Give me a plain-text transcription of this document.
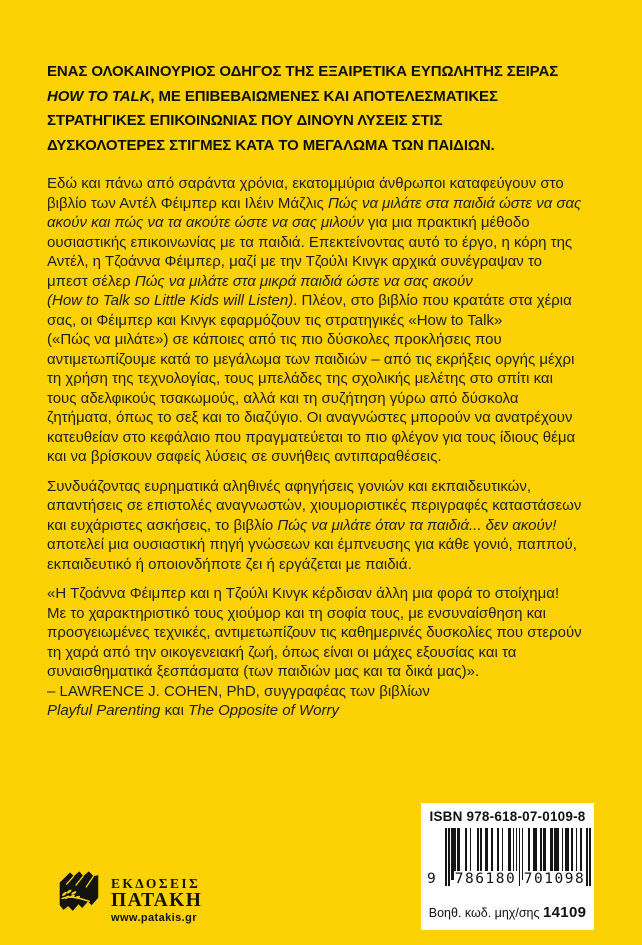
ΕΝΑΣ ΟΛΟΚΑΙΝΟΥΡΙΟΣ ΟΔΗΓΟΣ ΤΗΣ ΕΞΑΙΡΕΤΙΚΑ ΕΥΠΩΛΗΤΗΣ ΣΕΙΡΑΣ
HOW TO TALK, ΜΕ ΕΠΙΒΕΒΑΙΩΜΕΝΕΣ ΚΑΙ ΑΠΟΤΕΛΕΣΜΑΤΙΚΕΣ
ΣΤΡΑΤΗΓΙΚΕΣ ΕΠΙΚΟΙΝΩΝΙΑΣ ΠΟΥ ΔΙΝΟΥΝ ΛΥΣΕΙΣ ΣΤΙΣ
ΔΥΣΚΟΛΟΤΕΡΕΣ ΣΤΙΓΜΕΣ ΚΑΤΑ ΤΟ ΜΕΓΑΛΩΜΑ ΤΩΝ ΠΑΙΔΙΩΝ.
Εδώ και πάνω από σαράντα χρόνια, εκατομμύρια άνθρωποι καταφεύγουν στο
βιβλίο των Αντέλ Φέιμπερ και Ιλέιν Μάζλις Πώς να μιλάτε στα παιδιά ώστε να σας
ακούν και πώς να τα ακούτε ώστε να σας μιλούν για μια πρακτική μέθοδο
ουσιαστικής επικοινωνίας με τα παιδιά. Επεκτείνοντας αυτό το έργο, η κόρη της
Αντέλ, η Τζοάννα Φέιμπερ, μαζί με την Τζούλι Κινγκ αρχικά συνέγραψαν το
μπεστ σέλερ Πώς να μιλάτε στα μικρά παιδιά ώστε να σας ακούν
(How to Talk so Little Kids will Listen). Πλέον, στο βιβλίο που κρατάτε στα χέρια
σας, οι Φέιμπερ και Κινγκ εφαρμόζουν τις στρατηγικές «How to Talk»
(«Πώς να μιλάτε») σε κάποιες από τις πιο δύσκολες προκλήσεις που
αντιμετωπίζουμε κατά το μεγάλωμα των παιδιών – από τις εκρήξεις οργής μέχρι
τη χρήση της τεχνολογίας, τους μπελάδες της σχολικής μελέτης στο σπίτι και
τους αδελφικούς τσακωμούς, αλλά και τη συζήτηση γύρω από δύσκολα
ζητήματα, όπως το σεξ και το διαζύγιο. Οι αναγνώστες μπορούν να ανατρέχουν
κατευθείαν στο κεφάλαιο που πραγματεύεται το πιο φλέγον για τους ίδιους θέμα
και να βρίσκουν σαφείς λύσεις σε συνήθεις αντιπαραθέσεις.
Συνδυάζοντας ευρηματικά αληθινές αφηγήσεις γονιών και εκπαιδευτικών,
απαντήσεις σε επιστολές αναγνωστών, χιουμοριστικές περιγραφές καταστάσεων
και ευχάριστες ασκήσεις, το βιβλίο Πώς να μιλάτε όταν τα παιδιά... δεν ακούν!
αποτελεί μια ουσιαστική πηγή γνώσεων και έμπνευσης για κάθε γονιό, παππού,
εκπαιδευτικό ή οποιονδήποτε ζει ή εργάζεται με παιδιά.
«Η Τζοάννα Φέιμπερ και η Τζούλι Κινγκ κέρδισαν άλλη μια φορά το στοίχημα!
Με το χαρακτηριστικό τους χιούμορ και τη σοφία τους, με ενσυναίσθηση και
προσγειωμένες τεχνικές, αντιμετωπίζουν τις καθημερινές δυσκολίες που στερούν
τη χαρά από την οικογενειακή ζωή, όπως είναι οι μάχες εξουσίας και τα
συναισθηματικά ξεσπάσματα (των παιδιών μας και τα δικά μας)».
– LAWRENCE J. COHEN, PhD, συγγραφέας των βιβλίων
Playful Parenting και The Opposite of Worry
ΕΚΔΟΣΕΙΣ
ΠΑΤΑΚΗ
www.patakis.gr
ISBN 978-618-07-0109-8
9 786180 701098
Βοηθ. κωδ. μηχ/σης 14109
